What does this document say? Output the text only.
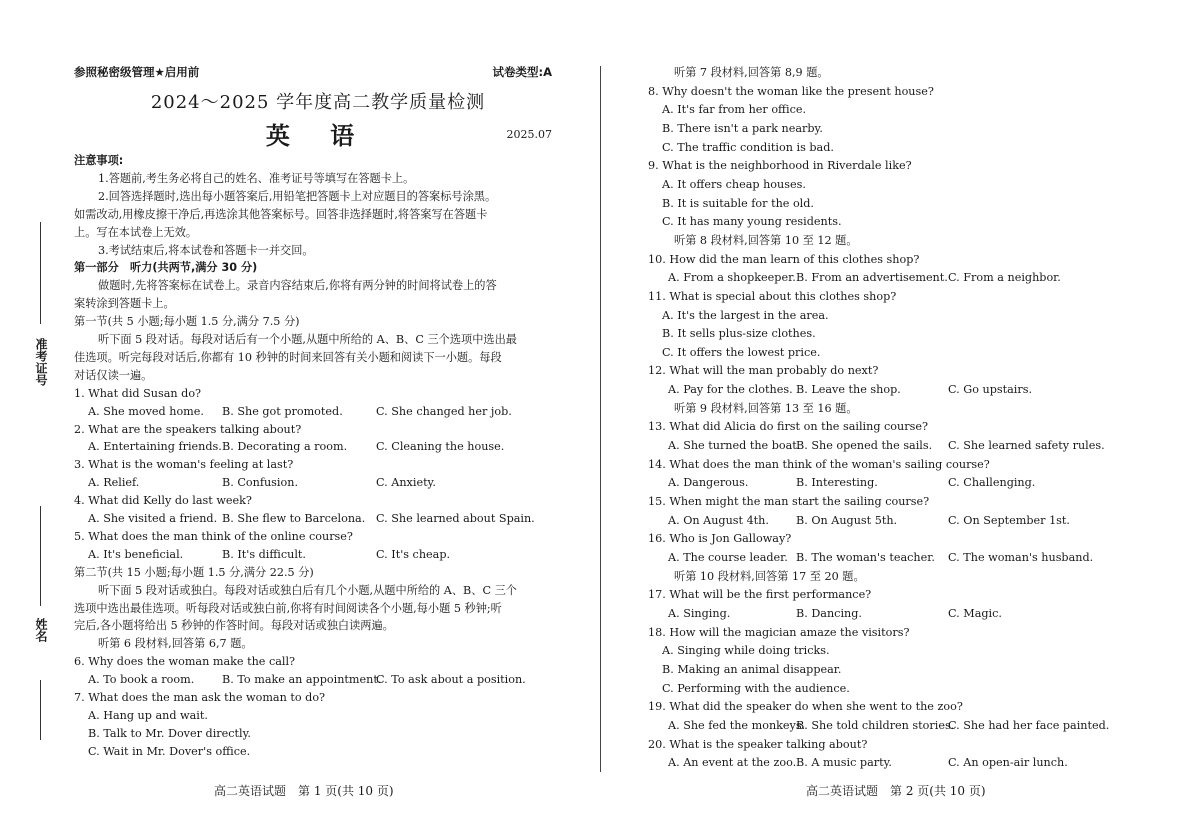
准考证号
姓名
参照秘密级管理★启用前	试卷类型:A
2024～2025 学年度高二教学质量检测
英 语	2025.07
注意事项:
1.答题前,考生务必将自己的姓名、准考证号等填写在答题卡上。
2.回答选择题时,选出每小题答案后,用铅笔把答题卡上对应题目的答案标号涂黑。
如需改动,用橡皮擦干净后,再选涂其他答案标号。回答非选择题时,将答案写在答题卡
上。写在本试卷上无效。
3.考试结束后,将本试卷和答题卡一并交回。
第一部分　听力(共两节,满分 30 分)
做题时,先将答案标在试卷上。录音内容结束后,你将有两分钟的时间将试卷上的答
案转涂到答题卡上。
第一节(共 5 小题;每小题 1.5 分,满分 7.5 分)
听下面 5 段对话。每段对话后有一个小题,从题中所给的 A、B、C 三个选项中选出最
佳选项。听完每段对话后,你都有 10 秒钟的时间来回答有关小题和阅读下一小题。每段
对话仅读一遍。
1. What did Susan do?
A. She moved home. B. She got promoted.	C. She changed her job.
2. What are the speakers talking about?
A. Entertaining friends. B. Decorating a room.	C. Cleaning the house.
3. What is the woman's feeling at last?
A. Relief.	B. Confusion.	C. Anxiety.
4. What did Kelly do last week?
A. She visited a friend. B. She flew to Barcelona. C. She learned about Spain.
5. What does the man think of the online course?
A. It's beneficial.	B. It's difficult.	C. It's cheap.
第二节(共 15 小题;每小题 1.5 分,满分 22.5 分)
听下面 5 段对话或独白。每段对话或独白后有几个小题,从题中所给的 A、B、C 三个
选项中选出最佳选项。听每段对话或独白前,你将有时间阅读各个小题,每小题 5 秒钟;听
完后,各小题将给出 5 秒钟的作答时间。每段对话或独白读两遍。
听第 6 段材料,回答第 6,7 题。
6. Why does the woman make the call?
A. To book a room. B. To make an appointment.
C. To ask about a position.
7. What does the man ask the woman to do?
A. Hang up and wait.
B. Talk to Mr. Dover directly.
C. Wait in Mr. Dover's office.
听第 7 段材料,回答第 8,9 题。
8. Why doesn't the woman like the present house?
A. It's far from her office.
B. There isn't a park nearby.
C. The traffic condition is bad.
9. What is the neighborhood in Riverdale like?
A. It offers cheap houses.
B. It is suitable for the old.
C. It has many young residents.
听第 8 段材料,回答第 10 至 12 题。
10. How did the man learn of this clothes shop?
A. From a shopkeeper. B. From an advertisement. C. From a neighbor.
11. What is special about this clothes shop?
A. It's the largest in the area.
B. It sells plus-size clothes.
C. It offers the lowest price.
12. What will the man probably do next?
A. Pay for the clothes. B. Leave the shop.	C. Go upstairs.
听第 9 段材料,回答第 13 至 16 题。
13. What did Alicia do first on the sailing course?
A. She turned the boat.
B. She opened the sails. C. She learned safety rules.
14. What does the man think of the woman's sailing course?
A. Dangerous.	B. Interesting.	C. Challenging.
15. When might the man start the sailing course?
A. On August 4th. B. On August 5th.	C. On September 1st.
16. Who is Jon Galloway?
A. The course leader. B. The woman's teacher. C. The woman's husband.
听第 10 段材料,回答第 17 至 20 题。
17. What will be the first performance?
A. Singing.	B. Dancing.	C. Magic.
18. How will the magician amaze the visitors?
A. Singing while doing tricks.
B. Making an animal disappear.
C. Performing with the audience.
19. What did the speaker do when she went to the zoo?
A. She fed the monkeys.
B. She told children stories.
C. She had her face painted.
20. What is the speaker talking about?
A. An event at the zoo. B. A music party.	C. An open-air lunch.
高二英语试题　第 1 页(共 10 页)	高二英语试题　第 2 页(共 10 页)
